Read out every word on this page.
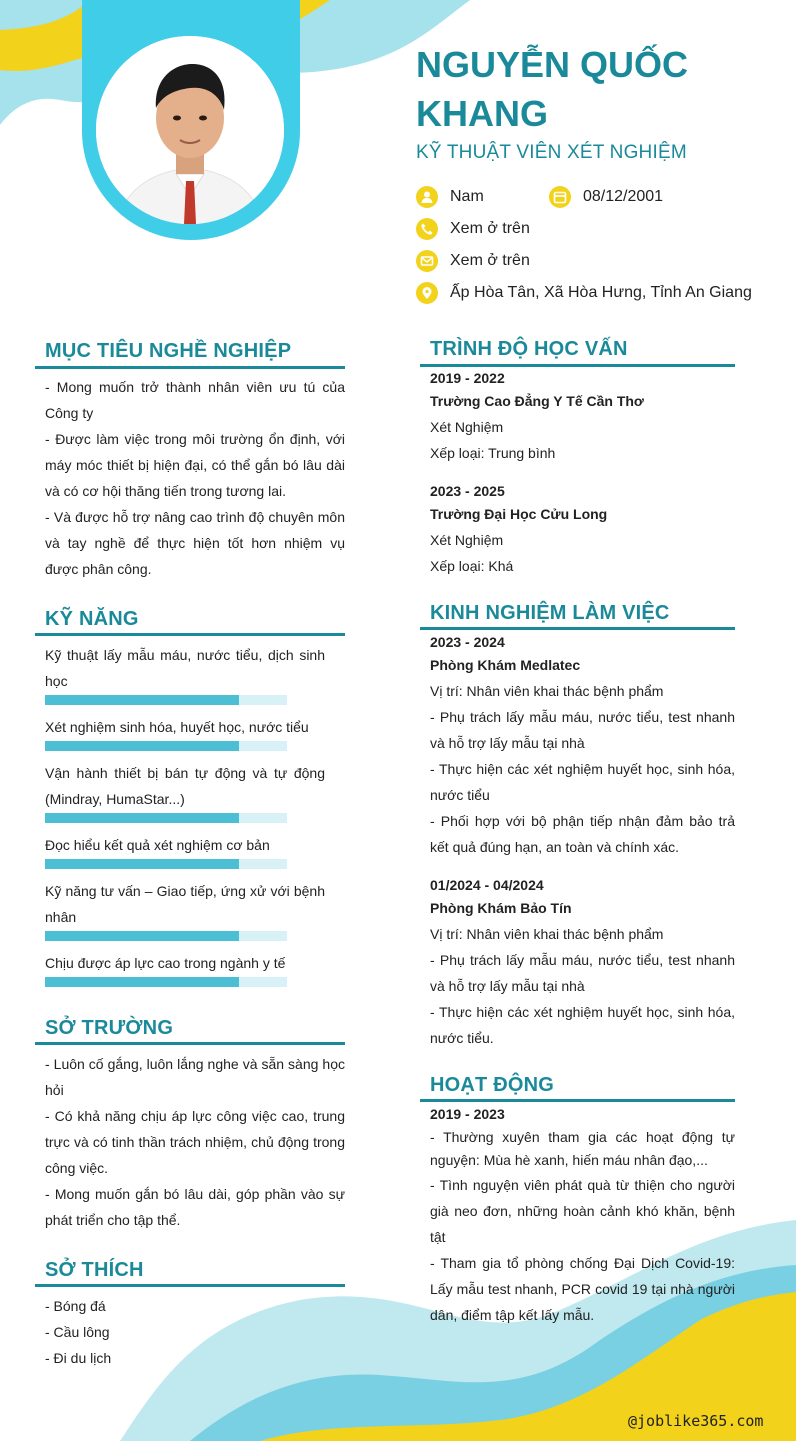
NGUYỄN QUỐC KHANG
KỸ THUẬT VIÊN XÉT NGHIỆM
Nam	08/12/2001
Xem ở trên
Xem ở trên
Ấp Hòa Tân, Xã Hòa Hưng, Tỉnh An Giang
MỤC TIÊU NGHỀ NGHIỆP
- Mong muốn trở thành nhân viên ưu tú của Công ty
- Được làm việc trong môi trường ổn định, với máy móc thiết bị hiện đại, có thể gắn bó lâu dài và có cơ hội thăng tiến trong tương lai.
- Và được hỗ trợ nâng cao trình độ chuyên môn và tay nghề để thực hiện tốt hơn nhiệm vụ được phân công.
KỸ NĂNG
Kỹ thuật lấy mẫu máu, nước tiểu, dịch sinh học
Xét nghiệm sinh hóa, huyết học, nước tiểu
Vận hành thiết bị bán tự động và tự động (Mindray, HumaStar...)
Đọc hiểu kết quả xét nghiệm cơ bản
Kỹ năng tư vấn – Giao tiếp, ứng xử với bệnh nhân
Chịu được áp lực cao trong ngành y tế
SỞ TRƯỜNG
- Luôn cố gắng, luôn lắng nghe và sẵn sàng học hỏi
- Có khả năng chịu áp lực công việc cao, trung trực và có tinh thần trách nhiệm, chủ động trong công việc.
- Mong muốn gắn bó lâu dài, góp phần vào sự phát triển cho tập thể.
SỞ THÍCH
- Bóng đá
- Cầu lông
- Đi du lịch
TRÌNH ĐỘ HỌC VẤN
2019 - 2022
Trường Cao Đẳng Y Tế Cần Thơ
Xét Nghiệm
Xếp loại: Trung bình
2023 - 2025
Trường Đại Học Cửu Long
Xét Nghiệm
Xếp loại: Khá
KINH NGHIỆM LÀM VIỆC
2023 - 2024
Phòng Khám Medlatec
Vị trí: Nhân viên khai thác bệnh phẩm
- Phụ trách lấy mẫu máu, nước tiểu, test nhanh và hỗ trợ lấy mẫu tại nhà
- Thực hiện các xét nghiệm huyết học, sinh hóa, nước tiểu
- Phối hợp với bộ phận tiếp nhận đảm bảo trả kết quả đúng hạn, an toàn và chính xác.
01/2024 - 04/2024
Phòng Khám Bảo Tín
Vị trí: Nhân viên khai thác bệnh phẩm
- Phụ trách lấy mẫu máu, nước tiểu, test nhanh và hỗ trợ lấy mẫu tại nhà
- Thực hiện các xét nghiệm huyết học, sinh hóa, nước tiểu.
HOẠT ĐỘNG
2019 - 2023
- Thường xuyên tham gia các hoạt động tự nguyện: Mùa hè xanh, hiến máu nhân đạo,...
- Tình nguyện viên phát quà từ thiện cho người già neo đơn, những hoàn cảnh khó khăn, bệnh tật
- Tham gia tổ phòng chống Đại Dịch Covid-19: Lấy mẫu test nhanh, PCR covid 19 tại nhà người dân, điểm tập kết lấy mẫu.
@joblike365.com
